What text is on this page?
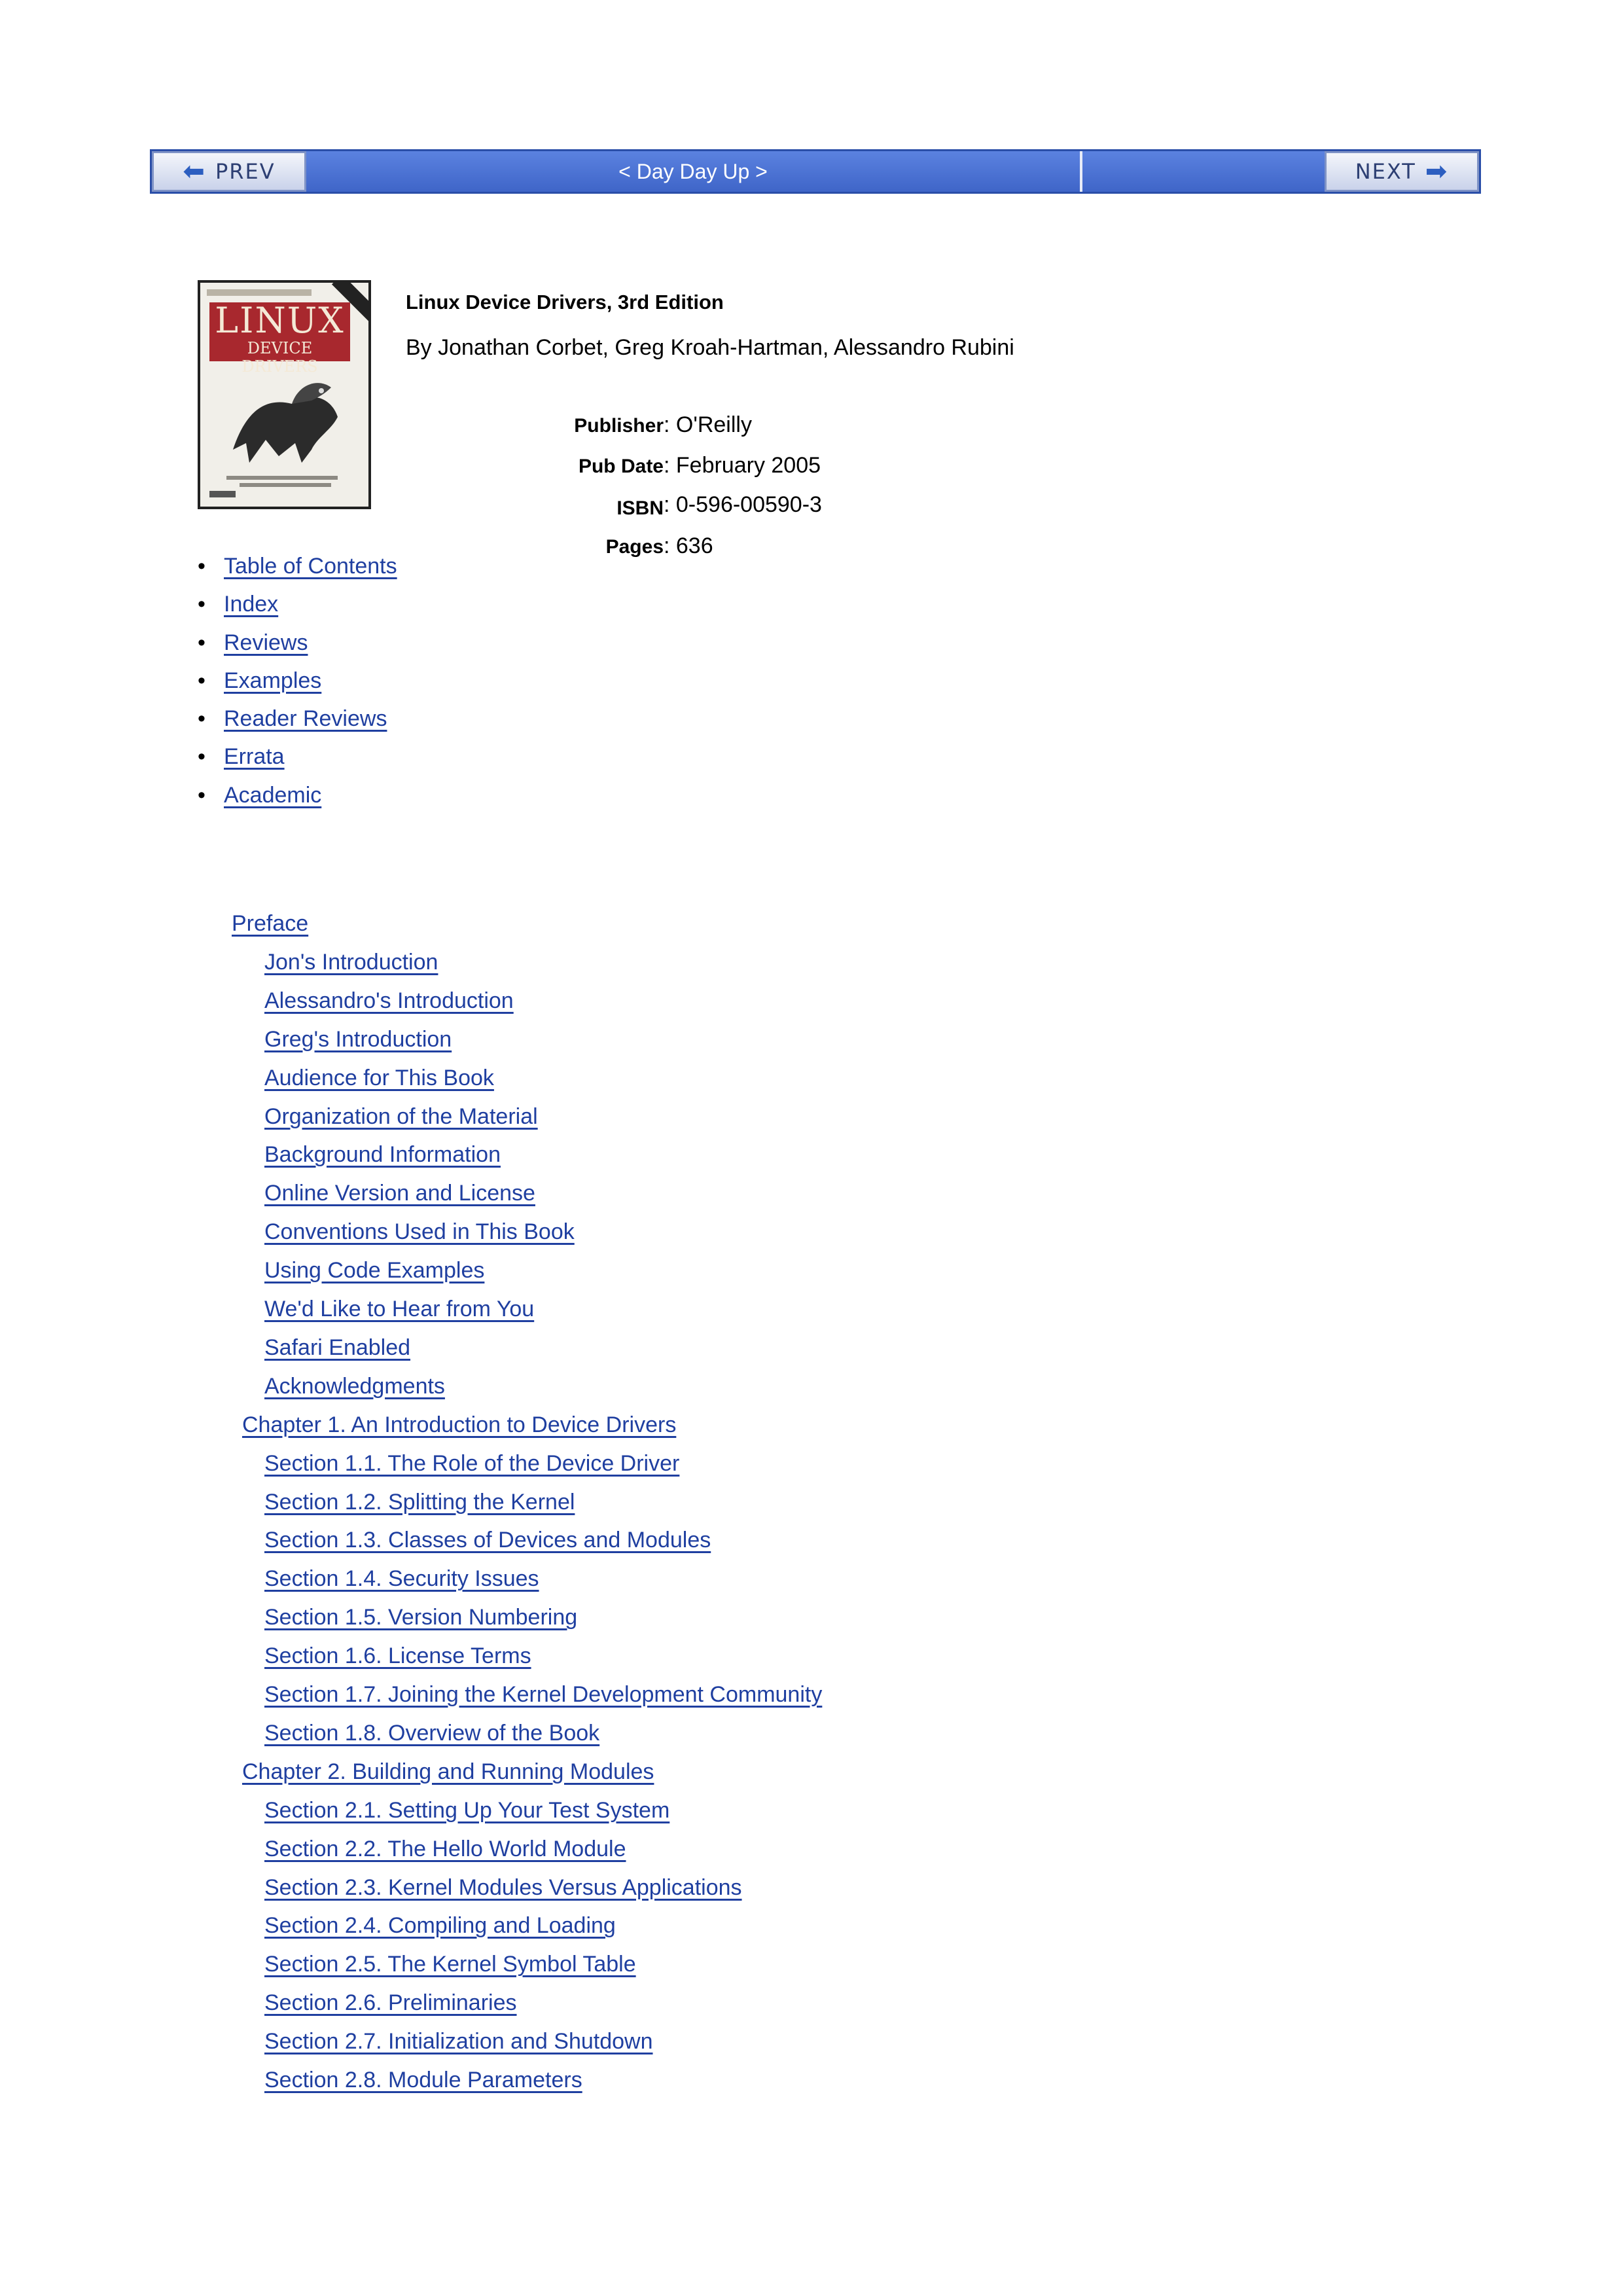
⬅ PREV	< Day Day Up >	NEXT ➡
LINUX
DEVICE DRIVERS
Linux Device Drivers, 3rd Edition
By Jonathan Corbet, Greg Kroah-Hartman, Alessandro Rubini
Publisher : O'Reilly
Pub Date : February 2005
ISBN : 0-596-00590-3
Pages : 636
• Table of Contents
• Index
• Reviews
• Examples
• Reader Reviews
• Errata
• Academic
Preface
Jon's Introduction
Alessandro's Introduction
Greg's Introduction
Audience for This Book
Organization of the Material
Background Information
Online Version and License
Conventions Used in This Book
Using Code Examples
We'd Like to Hear from You
Safari Enabled
Acknowledgments
Chapter 1. An Introduction to Device Drivers
Section 1.1. The Role of the Device Driver
Section 1.2. Splitting the Kernel
Section 1.3. Classes of Devices and Modules
Section 1.4. Security Issues
Section 1.5. Version Numbering
Section 1.6. License Terms
Section 1.7. Joining the Kernel Development Community
Section 1.8. Overview of the Book
Chapter 2. Building and Running Modules
Section 2.1. Setting Up Your Test System
Section 2.2. The Hello World Module
Section 2.3. Kernel Modules Versus Applications
Section 2.4. Compiling and Loading
Section 2.5. The Kernel Symbol Table
Section 2.6. Preliminaries
Section 2.7. Initialization and Shutdown
Section 2.8. Module Parameters
